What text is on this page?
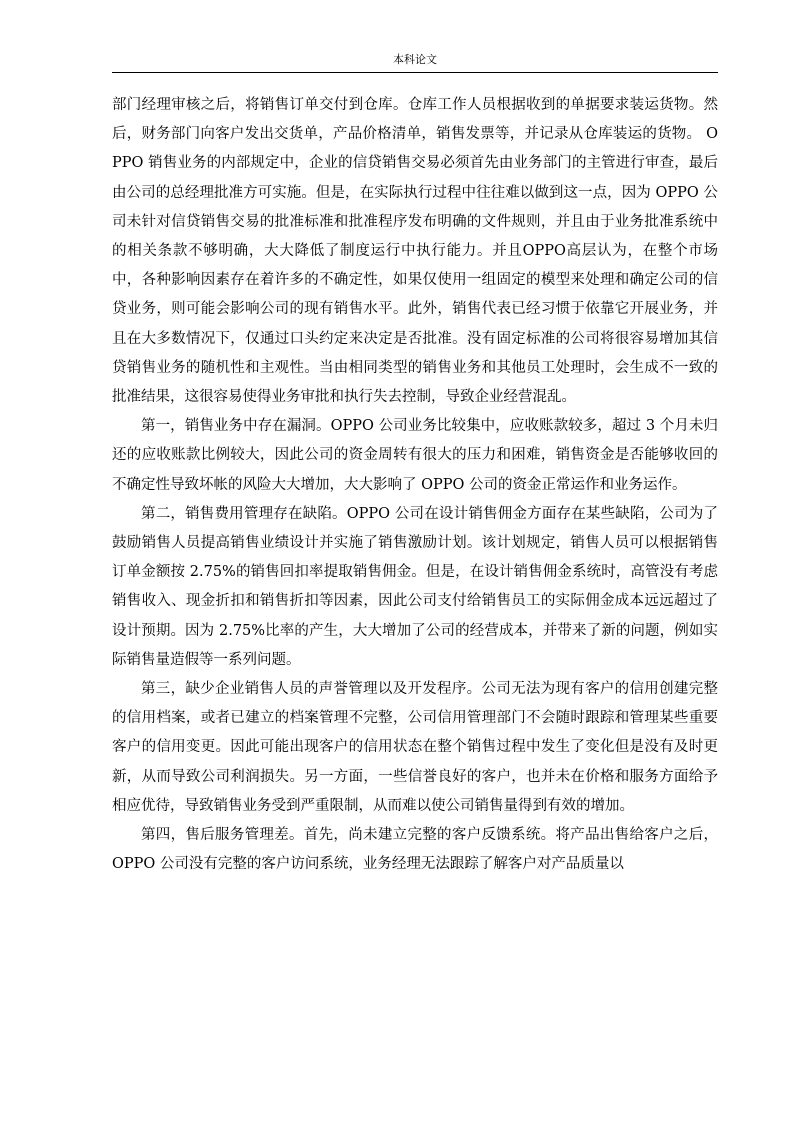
本科论文

部门经理审核之后，将销售订单交付到仓库。仓库工作人员根据收到的单据要求装运货物。然后，财务部门向客户发出交货单，产品价格清单，销售发票等，并记录从仓库装运的货物。 OPPO 销售业务的内部规定中，企业的信贷销售交易必须首先由业务部门的主管进行审查，最后由公司的总经理批准方可实施。但是，在实际执行过程中往往难以做到这一点，因为 OPPO 公司未针对信贷销售交易的批准标准和批准程序发布明确的文件规则，并且由于业务批准系统中的相关条款不够明确，大大降低了制度运行中执行能力。并且OPPO高层认为，在整个市场中，各种影响因素存在着许多的不确定性，如果仅使用一组固定的模型来处理和确定公司的信贷业务，则可能会影响公司的现有销售水平。此外，销售代表已经习惯于依靠它开展业务，并且在大多数情况下，仅通过口头约定来决定是否批准。没有固定标准的公司将很容易增加其信贷销售业务的随机性和主观性。当由相同类型的销售业务和其他员工处理时，会生成不一致的批准结果，这很容易使得业务审批和执行失去控制，导致企业经营混乱。

第一，销售业务中存在漏洞。OPPO 公司业务比较集中，应收账款较多，超过 3 个月未归还的应收账款比例较大，因此公司的资金周转有很大的压力和困难，销售资金是否能够收回的不确定性导致坏帐的风险大大增加，大大影响了 OPPO 公司的资金正常运作和业务运作。

第二，销售费用管理存在缺陷。OPPO 公司在设计销售佣金方面存在某些缺陷，公司为了鼓励销售人员提高销售业绩设计并实施了销售激励计划。该计划规定，销售人员可以根据销售订单金额按 2.75%的销售回扣率提取销售佣金。但是，在设计销售佣金系统时，高管没有考虑销售收入、现金折扣和销售折扣等因素，因此公司支付给销售员工的实际佣金成本远远超过了设计预期。因为 2.75%比率的产生，大大增加了公司的经营成本，并带来了新的问题，例如实际销售量造假等一系列问题。

第三，缺少企业销售人员的声誉管理以及开发程序。公司无法为现有客户的信用创建完整的信用档案，或者已建立的档案管理不完整，公司信用管理部门不会随时跟踪和管理某些重要客户的信用变更。因此可能出现客户的信用状态在整个销售过程中发生了变化但是没有及时更新，从而导致公司利润损失。另一方面，一些信誉良好的客户，也并未在价格和服务方面给予相应优待，导致销售业务受到严重限制，从而难以使公司销售量得到有效的增加。

第四，售后服务管理差。首先，尚未建立完整的客户反馈系统。将产品出售给客户之后，OPPO 公司没有完整的客户访问系统，业务经理无法跟踪了解客户对产品质量以
